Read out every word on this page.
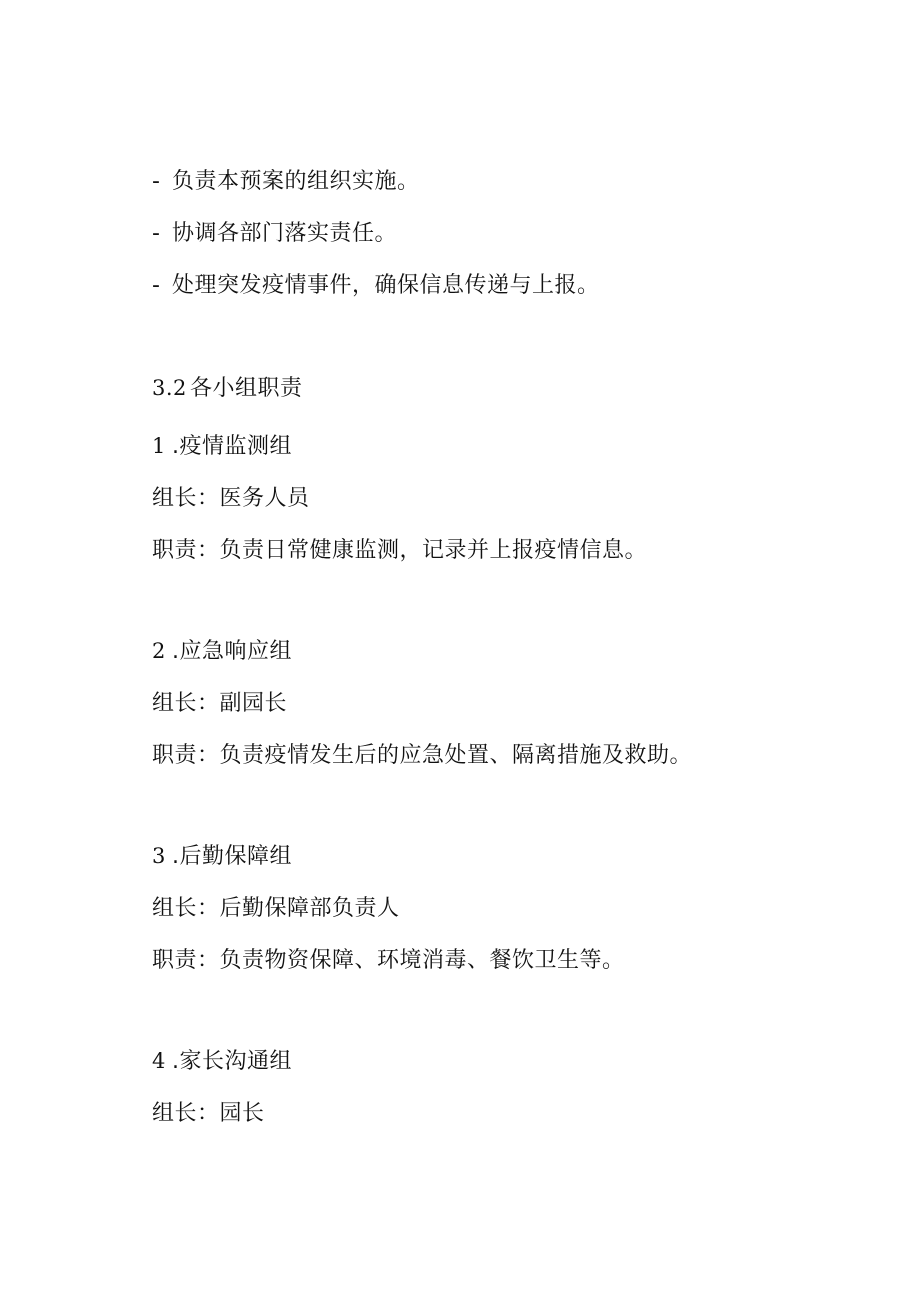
- 负责本预案的组织实施。
- 协调各部门落实责任。
- 处理突发疫情事件，确保信息传递与上报。
3.2 各小组职责
1 .疫情监测组
组长：医务人员
职责：负责日常健康监测，记录并上报疫情信息。
2 .应急响应组
组长：副园长
职责：负责疫情发生后的应急处置、隔离措施及救助。
3 .后勤保障组
组长：后勤保障部负责人
职责：负责物资保障、环境消毒、餐饮卫生等。
4 .家长沟通组
组长：园长
